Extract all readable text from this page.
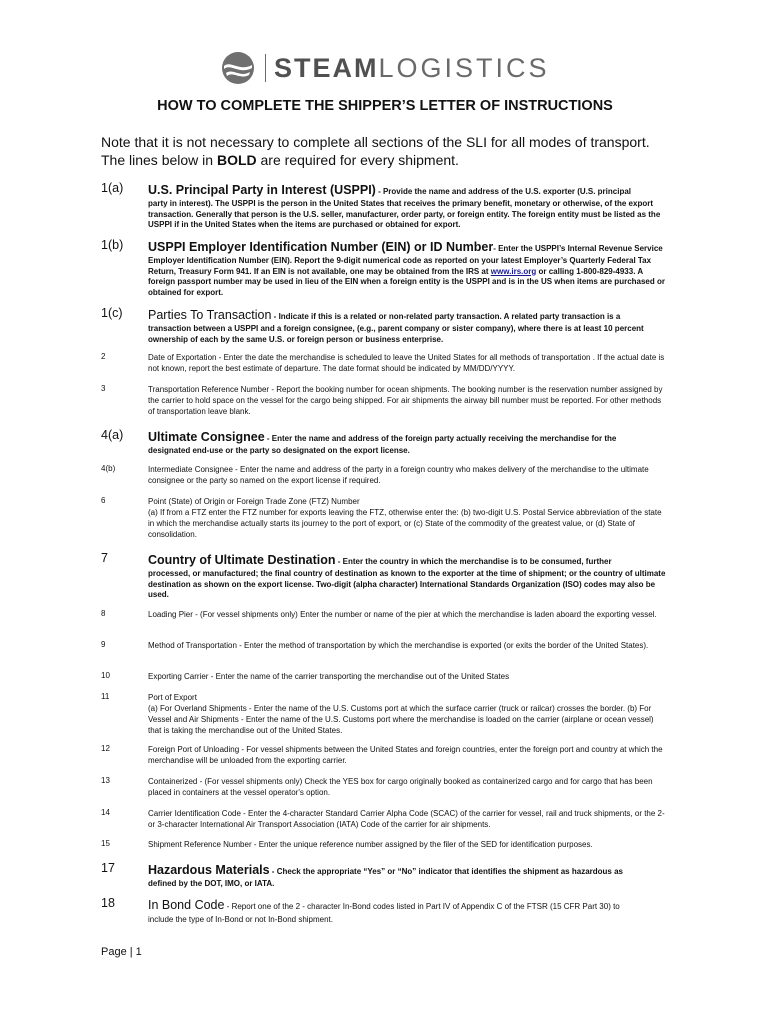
STEAMLOGISTICS
HOW TO COMPLETE THE SHIPPER’S LETTER OF INSTRUCTIONS
Note that it is not necessary to complete all sections of the SLI for all modes of transport. The lines below in BOLD are required for every shipment.
1(a) U.S. Principal Party in Interest (USPPI) - Provide the name and address of the U.S. exporter (U.S. principal
party in interest). The USPPI is the person in the United States that receives the primary benefit, monetary or otherwise, of the export transaction. Generally that person is the U.S. seller, manufacturer, order party, or foreign entity. The foreign entity must be listed as the USPPI if in the United States when the items are purchased or obtained for export.
1(b) USPPI Employer Identification Number (EIN) or ID Number- Enter the USPPI’s Internal Revenue Service
Employer Identification Number (EIN). Report the 9-digit numerical code as reported on your latest Employer’s Quarterly Federal Tax Return, Treasury Form 941. If an EIN is not available, one may be obtained from the IRS at www.irs.org or calling 1-800-829-4933. A foreign passport number may be used in lieu of the EIN when a foreign entity is the USPPI and is in the US when items are purchased or obtained for export.
1(c) Parties To Transaction - Indicate if this is a related or non-related party transaction. A related party transaction is a
transaction between a USPPI and a foreign consignee, (e.g., parent company or sister company), where there is at least 10 percent ownership of each by the same U.S. or foreign person or business enterprise.
2	Date of Exportation - Enter the date the merchandise is scheduled to leave the United States for all methods of transportation . If the actual date is not known, report the best estimate of departure. The date format should be indicated by MM/DD/YYYY.
3	Transportation Reference Number - Report the booking number for ocean shipments. The booking number is the reservation number assigned by the carrier to hold space on the vessel for the cargo being shipped. For air shipments the airway bill number must be reported. For other methods of transportation leave blank.
4(a) Ultimate Consignee - Enter the name and address of the foreign party actually receiving the merchandise for the
designated end-use or the party so designated on the export license.
4(b)	Intermediate Consignee - Enter the name and address of the party in a foreign country who makes delivery of the merchandise to the ultimate consignee or the party so named on the export license if required.
6	Point (State) of Origin or Foreign Trade Zone (FTZ) Number
(a) If from a FTZ enter the FTZ number for exports leaving the FTZ, otherwise enter the: (b) two-digit U.S. Postal Service abbreviation of the state in which the merchandise actually starts its journey to the port of export, or (c) State of the commodity of the greatest value, or (d) State of consolidation.
7	Country of Ultimate Destination - Enter the country in which the merchandise is to be consumed, further
processed, or manufactured; the final country of destination as known to the exporter at the time of shipment; or the country of ultimate destination as shown on the export license. Two-digit (alpha character) International Standards Organization (ISO) codes may also be used.
8	Loading Pier - (For vessel shipments only) Enter the number or name of the pier at which the merchandise is laden aboard the exporting vessel.
9	Method of Transportation - Enter the method of transportation by which the merchandise is exported (or exits the border of the United States).
10	Exporting Carrier - Enter the name of the carrier transporting the merchandise out of the United States
11	Port of Export
(a) For Overland Shipments - Enter the name of the U.S. Customs port at which the surface carrier (truck or railcar) crosses the border. (b) For Vessel and Air Shipments - Enter the name of the U.S. Customs port where the merchandise is loaded on the carrier (airplane or ocean vessel) that is taking the merchandise out of the United States.
12	Foreign Port of Unloading - For vessel shipments between the United States and foreign countries, enter the foreign port and country at which the merchandise will be unloaded from the exporting carrier.
13	Containerized - (For vessel shipments only) Check the YES box for cargo originally booked as containerized cargo and for cargo that has been placed in containers at the vessel operator's option.
14	Carrier Identification Code - Enter the 4-character Standard Carrier Alpha Code (SCAC) of the carrier for vessel, rail and truck shipments, or the 2- or 3-character International Air Transport Association (IATA) Code of the carrier for air shipments.
15	Shipment Reference Number - Enter the unique reference number assigned by the filer of the SED for identification purposes.
17	Hazardous Materials - Check the appropriate “Yes” or “No” indicator that identifies the shipment as hazardous as
defined by the DOT, IMO, or IATA.
18	In Bond Code - Report one of the 2 - character In-Bond codes listed in Part IV of Appendix C of the FTSR (15 CFR Part 30) to
include the type of In-Bond or not In-Bond shipment.
Page | 1
